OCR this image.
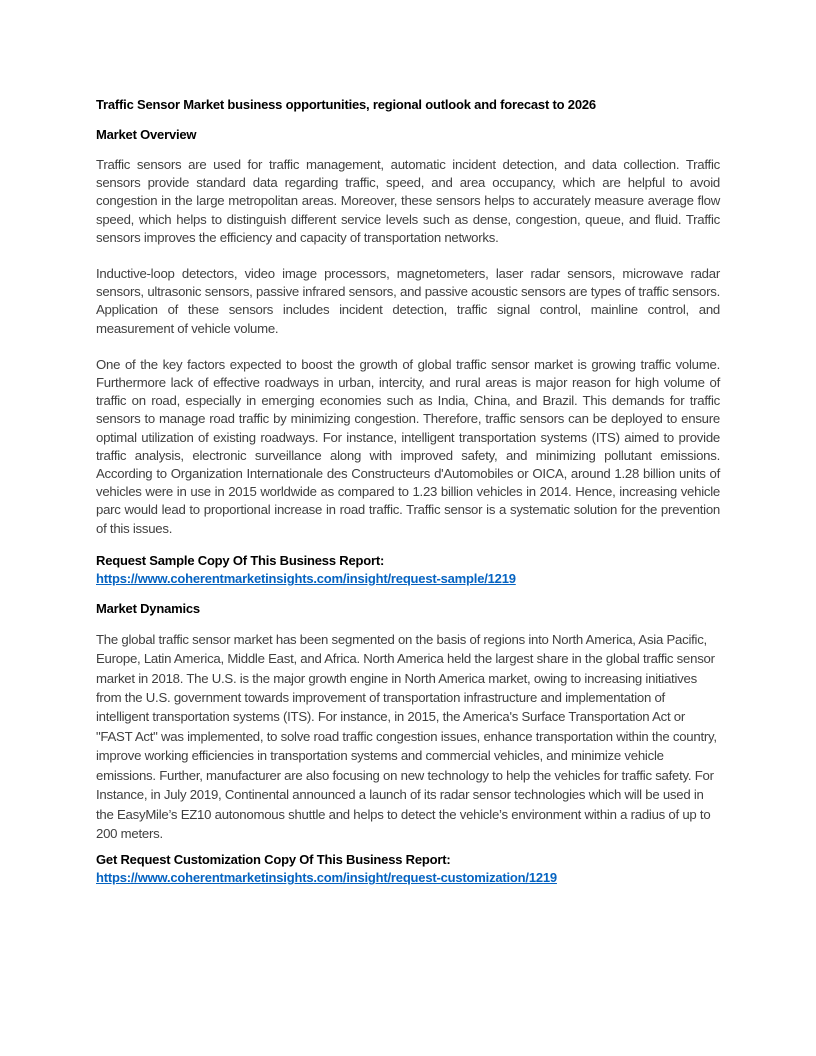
Traffic Sensor Market business opportunities, regional outlook and forecast to 2026
Market Overview

Traffic sensors are used for traffic management, automatic incident detection, and data collection. Traffic sensors provide standard data regarding traffic, speed, and area occupancy, which are helpful to avoid congestion in the large metropolitan areas. Moreover, these sensors helps to accurately measure average flow speed, which helps to distinguish different service levels such as dense, congestion, queue, and fluid. Traffic sensors improves the efficiency and capacity of transportation networks.

Inductive-loop detectors, video image processors, magnetometers, laser radar sensors, microwave radar sensors, ultrasonic sensors, passive infrared sensors, and passive acoustic sensors are types of traffic sensors. Application of these sensors includes incident detection, traffic signal control, mainline control, and measurement of vehicle volume.

One of the key factors expected to boost the growth of global traffic sensor market is growing traffic volume. Furthermore lack of effective roadways in urban, intercity, and rural areas is major reason for high volume of traffic on road, especially in emerging economies such as India, China, and Brazil. This demands for traffic sensors to manage road traffic by minimizing congestion. Therefore, traffic sensors can be deployed to ensure optimal utilization of existing roadways. For instance, intelligent transportation systems (ITS) aimed to provide traffic analysis, electronic surveillance along with improved safety, and minimizing pollutant emissions. According to Organization Internationale des Constructeurs d'Automobiles or OICA, around 1.28 billion units of vehicles were in use in 2015 worldwide as compared to 1.23 billion vehicles in 2014. Hence, increasing vehicle parc would lead to proportional increase in road traffic. Traffic sensor is a systematic solution for the prevention of this issues.

Request Sample Copy Of This Business Report:
https://www.coherentmarketinsights.com/insight/request-sample/1219
Market Dynamics

The global traffic sensor market has been segmented on the basis of regions into North America, Asia Pacific, Europe, Latin America, Middle East, and Africa. North America held the largest share in the global traffic sensor market in 2018. The U.S. is the major growth engine in North America market, owing to increasing initiatives from the U.S. government towards improvement of transportation infrastructure and implementation of intelligent transportation systems (ITS). For instance, in 2015, the America's Surface Transportation Act or "FAST Act" was implemented, to solve road traffic congestion issues, enhance transportation within the country, improve working efficiencies in transportation systems and commercial vehicles, and minimize vehicle emissions. Further, manufacturer are also focusing on new technology to help the vehicles for traffic safety. For Instance, in July 2019, Continental announced a launch of its radar sensor technologies which will be used in the EasyMile’s EZ10 autonomous shuttle and helps to detect the vehicle’s environment within a radius of up to 200 meters.

Get Request Customization Copy Of This Business Report:
https://www.coherentmarketinsights.com/insight/request-customization/1219
